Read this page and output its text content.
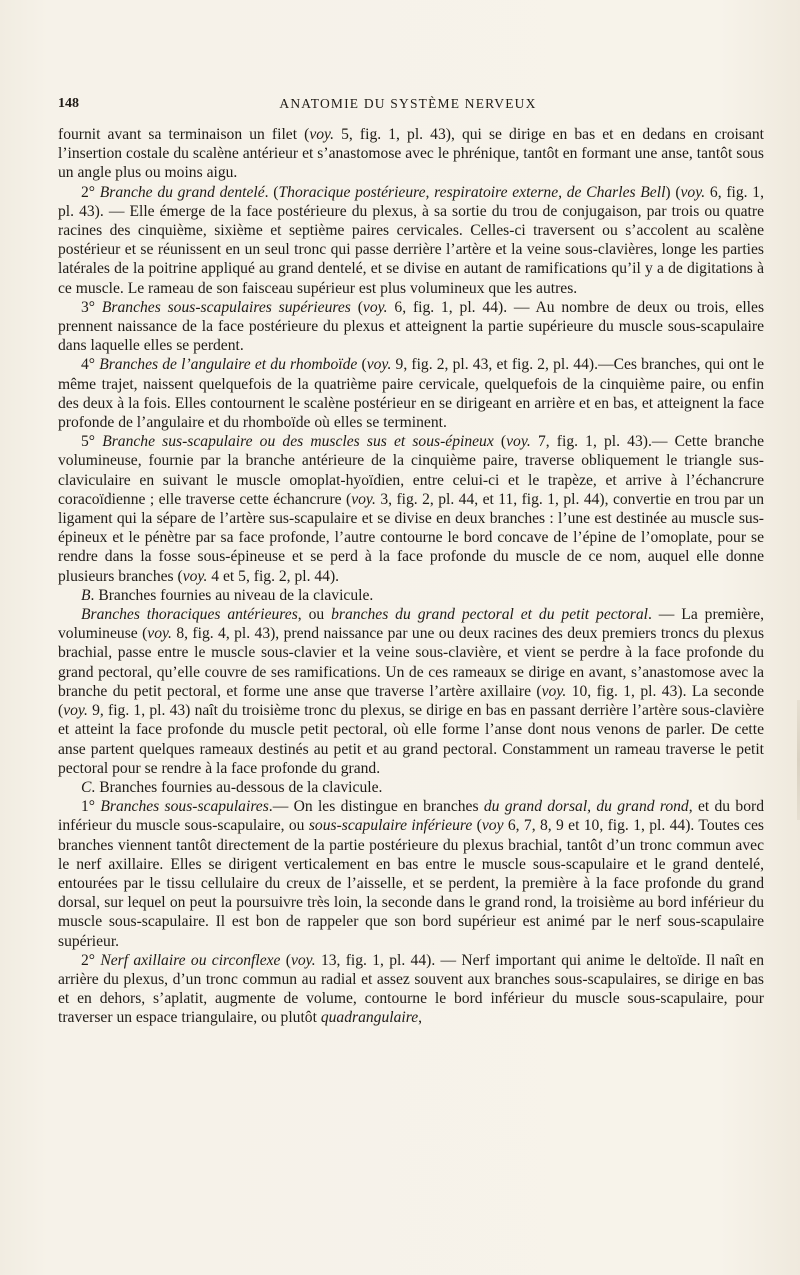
148	ANATOMIE DU SYSTÈME NERVEUX

fournit avant sa terminaison un filet (voy. 5, fig. 1, pl. 43), qui se dirige en bas et en dedans en croisant l’insertion costale du scalène antérieur et s’anastomose avec le phrénique, tantôt en formant une anse, tantôt sous un angle plus ou moins aigu.

2° Branche du grand dentelé. (Thoracique postérieure, respiratoire externe, de Charles Bell) (voy. 6, fig. 1, pl. 43). — Elle émerge de la face postérieure du plexus, à sa sortie du trou de conjugaison, par trois ou quatre racines des cinquième, sixième et septième paires cervicales. Celles-ci traversent ou s’accolent au scalène postérieur et se réunissent en un seul tronc qui passe derrière l’artère et la veine sous-clavières, longe les parties latérales de la poitrine appliqué au grand dentelé, et se divise en autant de ramifications qu’il y a de digitations à ce muscle. Le rameau de son faisceau supérieur est plus volumineux que les autres.

3° Branches sous-scapulaires supérieures (voy. 6, fig. 1, pl. 44). — Au nombre de deux ou trois, elles prennent naissance de la face postérieure du plexus et atteignent la partie supérieure du muscle sous-scapulaire dans laquelle elles se perdent.

4° Branches de l’angulaire et du rhomboïde (voy. 9, fig. 2, pl. 43, et fig. 2, pl. 44).—Ces branches, qui ont le même trajet, naissent quelquefois de la quatrième paire cervicale, quelquefois de la cinquième paire, ou enfin des deux à la fois. Elles contournent le scalène postérieur en se dirigeant en arrière et en bas, et atteignent la face profonde de l’angulaire et du rhomboïde où elles se terminent.

5° Branche sus-scapulaire ou des muscles sus et sous-épineux (voy. 7, fig. 1, pl. 43).— Cette branche volumineuse, fournie par la branche antérieure de la cinquième paire, traverse obliquement le triangle sus-claviculaire en suivant le muscle omoplat-hyoïdien, entre celui-ci et le trapèze, et arrive à l’échancrure coracoïdienne ; elle traverse cette échancrure (voy. 3, fig. 2, pl. 44, et 11, fig. 1, pl. 44), convertie en trou par un ligament qui la sépare de l’artère sus-scapulaire et se divise en deux branches : l’une est destinée au muscle sus-épineux et le pénètre par sa face profonde, l’autre contourne le bord concave de l’épine de l’omoplate, pour se rendre dans la fosse sous-épineuse et se perd à la face profonde du muscle de ce nom, auquel elle donne plusieurs branches (voy. 4 et 5, fig. 2, pl. 44).

B. Branches fournies au niveau de la clavicule.

Branches thoraciques antérieures, ou branches du grand pectoral et du petit pectoral. — La première, volumineuse (voy. 8, fig. 4, pl. 43), prend naissance par une ou deux racines des deux premiers troncs du plexus brachial, passe entre le muscle sous-clavier et la veine sous-clavière, et vient se perdre à la face profonde du grand pectoral, qu’elle couvre de ses ramifications. Un de ces rameaux se dirige en avant, s’anastomose avec la branche du petit pectoral, et forme une anse que traverse l’artère axillaire (voy. 10, fig. 1, pl. 43). La seconde (voy. 9, fig. 1, pl. 43) naît du troisième tronc du plexus, se dirige en bas en passant derrière l’artère sous-clavière et atteint la face profonde du muscle petit pectoral, où elle forme l’anse dont nous venons de parler. De cette anse partent quelques rameaux destinés au petit et au grand pectoral. Constamment un rameau traverse le petit pectoral pour se rendre à la face profonde du grand.

C. Branches fournies au-dessous de la clavicule.

1° Branches sous-scapulaires.— On les distingue en branches du grand dorsal, du grand rond, et du bord inférieur du muscle sous-scapulaire, ou sous-scapulaire inférieure (voy 6, 7, 8, 9 et 10, fig. 1, pl. 44). Toutes ces branches viennent tantôt directement de la partie postérieure du plexus brachial, tantôt d’un tronc commun avec le nerf axillaire. Elles se dirigent verticalement en bas entre le muscle sous-scapulaire et le grand dentelé, entourées par le tissu cellulaire du creux de l’aisselle, et se perdent, la première à la face profonde du grand dorsal, sur lequel on peut la poursuivre très loin, la seconde dans le grand rond, la troisième au bord inférieur du muscle sous-scapulaire. Il est bon de rappeler que son bord supérieur est animé par le nerf sous-scapulaire supérieur.

2° Nerf axillaire ou circonflexe (voy. 13, fig. 1, pl. 44). — Nerf important qui anime le deltoïde. Il naît en arrière du plexus, d’un tronc commun au radial et assez souvent aux branches sous-scapulaires, se dirige en bas et en dehors, s’aplatit, augmente de volume, contourne le bord inférieur du muscle sous-scapulaire, pour traverser un espace triangulaire, ou plutôt quadrangulaire,
